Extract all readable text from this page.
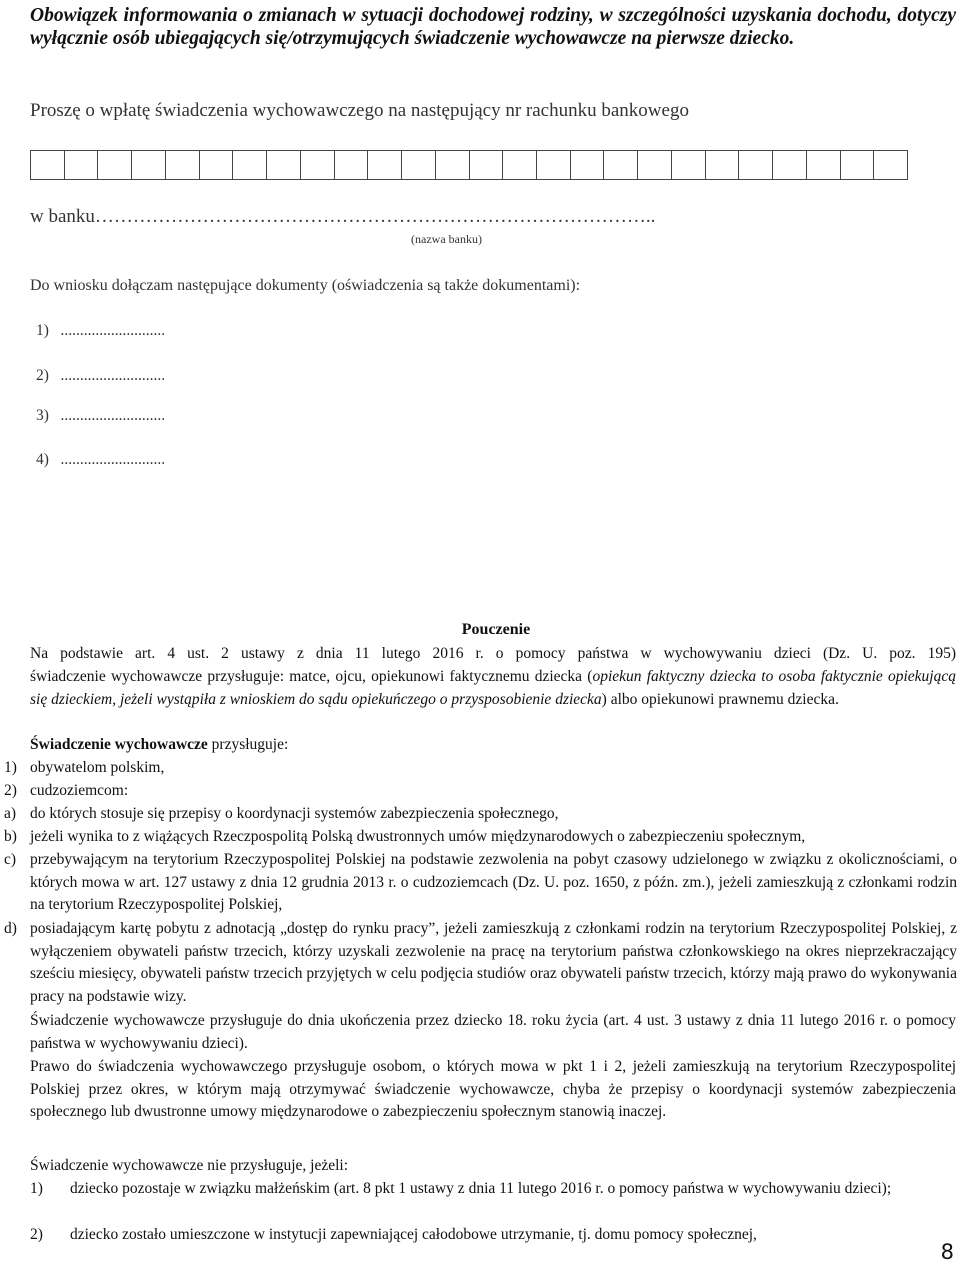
Obowiązek informowania o zmianach w sytuacji dochodowej rodziny, w szczególności uzyskania dochodu, dotyczy wyłącznie osób ubiegających się/otrzymujących świadczenie wychowawcze na pierwsze dziecko.
Proszę o wpłatę świadczenia wychowawczego na następujący nr rachunku bankowego
w banku……………………………………………………………………………..
(nazwa banku)
Do wniosku dołączam następujące dokumenty (oświadczenia są także dokumentami):
1) ...........................
2) ...........................
3) ...........................
4) ...........................
Pouczenie
Na podstawie art. 4 ust. 2 ustawy z dnia 11 lutego 2016 r. o pomocy państwa w wychowywaniu dzieci (Dz. U. poz. 195)
świadczenie wychowawcze przysługuje: matce, ojcu, opiekunowi faktycznemu dziecka (opiekun faktyczny dziecka to osoba faktycznie opiekującą się dzieckiem, jeżeli wystąpiła z wnioskiem do sądu opiekuńczego o przysposobienie dziecka) albo opiekunowi prawnemu dziecka.
Świadczenie wychowawcze przysługuje:
1) obywatelom polskim,
2) cudzoziemcom:
a) do których stosuje się przepisy o koordynacji systemów zabezpieczenia społecznego,
b) jeżeli wynika to z wiążących Rzeczpospolitą Polską dwustronnych umów międzynarodowych o zabezpieczeniu społecznym,
c) przebywającym na terytorium Rzeczypospolitej Polskiej na podstawie zezwolenia na pobyt czasowy udzielonego w związku z okolicznościami, o których mowa w art. 127 ustawy z dnia 12 grudnia 2013 r. o cudzoziemcach (Dz. U. poz. 1650, z późn. zm.), jeżeli zamieszkują z członkami rodzin na terytorium Rzeczypospolitej Polskiej,
d) posiadającym kartę pobytu z adnotacją „dostęp do rynku pracy”, jeżeli zamieszkują z członkami rodzin na terytorium Rzeczypospolitej Polskiej, z wyłączeniem obywateli państw trzecich, którzy uzyskali zezwolenie na pracę na terytorium państwa członkowskiego na okres nieprzekraczający sześciu miesięcy, obywateli państw trzecich przyjętych w celu podjęcia studiów oraz obywateli państw trzecich, którzy mają prawo do wykonywania pracy na podstawie wizy.
Świadczenie wychowawcze przysługuje do dnia ukończenia przez dziecko 18. roku życia (art. 4 ust. 3 ustawy z dnia 11 lutego 2016 r. o pomocy państwa w wychowywaniu dzieci).
Prawo do świadczenia wychowawczego przysługuje osobom, o których mowa w pkt 1 i 2, jeżeli zamieszkują na terytorium Rzeczypospolitej Polskiej przez okres, w którym mają otrzymywać świadczenie wychowawcze, chyba że przepisy o koordynacji systemów zabezpieczenia społecznego lub dwustronne umowy międzynarodowe o zabezpieczeniu społecznym stanowią inaczej.
Świadczenie wychowawcze nie przysługuje, jeżeli:
1)	dziecko pozostaje w związku małżeńskim (art. 8 pkt 1 ustawy z dnia 11 lutego 2016 r. o pomocy państwa w wychowywaniu dzieci);
2)	dziecko zostało umieszczone w instytucji zapewniającej całodobowe utrzymanie, tj. domu pomocy społecznej,
8
